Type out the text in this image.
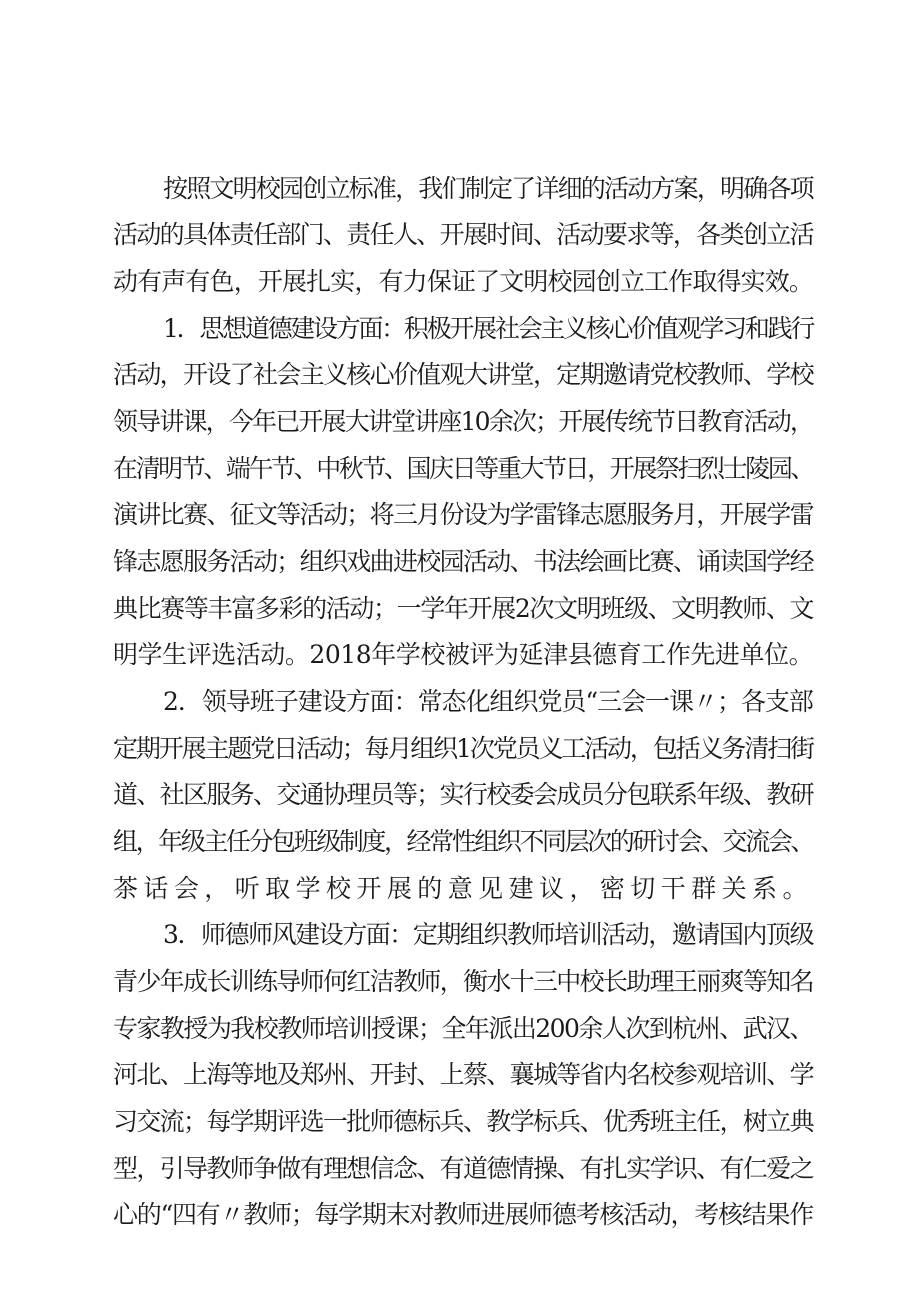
按照文明校园创立标准，我们制定了详细的活动方案，明确各项
活动的具体责任部门、责任人、开展时间、活动要求等，各类创立活
动有声有色，开展扎实，有力保证了文明校园创立工作取得实效。
1．思想道德建设方面：积极开展社会主义核心价值观学习和践行
活动，开设了社会主义核心价值观大讲堂，定期邀请党校教师、学校
领导讲课，今年已开展大讲堂讲座10余次；开展传统节日教育活动，
在清明节、端午节、中秋节、国庆日等重大节日，开展祭扫烈士陵园、
演讲比赛、征文等活动；将三月份设为学雷锋志愿服务月，开展学雷
锋志愿服务活动；组织戏曲进校园活动、书法绘画比赛、诵读国学经
典比赛等丰富多彩的活动；一学年开展2次文明班级、文明教师、文
明学生评选活动。2018年学校被评为延津县德育工作先进单位。
2．领导班子建设方面：常态化组织党员“三会一课〃；各支部
定期开展主题党日活动；每月组织1次党员义工活动，包括义务清扫街
道、社区服务、交通协理员等；实行校委会成员分包联系年级、教研
组，年级主任分包班级制度，经常性组织不同层次的研讨会、交流会、
茶话会，听取学校开展的意见建议，密切干群关系。
3．师德师风建设方面：定期组织教师培训活动，邀请国内顶级
青少年成长训练导师何红洁教师，衡水十三中校长助理王丽爽等知名
专家教授为我校教师培训授课；全年派出200余人次到杭州、武汉、
河北、上海等地及郑州、开封、上蔡、襄城等省内名校参观培训、学
习交流；每学期评选一批师德标兵、教学标兵、优秀班主任，树立典
型，引导教师争做有理想信念、有道德情操、有扎实学识、有仁爱之
心的“四有〃教师；每学期末对教师进展师德考核活动，考核结果作
